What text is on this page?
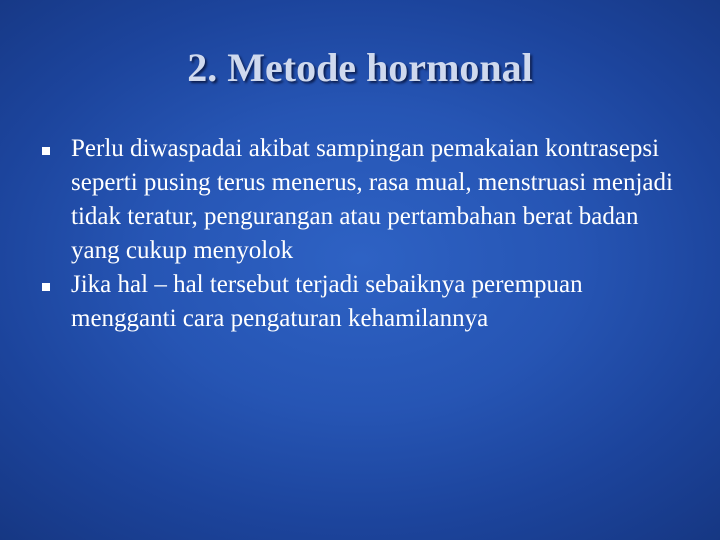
2. Metode hormonal
Perlu diwaspadai akibat sampingan pemakaian kontrasepsi seperti pusing terus menerus, rasa mual, menstruasi menjadi tidak teratur, pengurangan atau pertambahan berat badan yang cukup menyolok
Jika hal – hal tersebut terjadi sebaiknya perempuan mengganti cara pengaturan kehamilannya
